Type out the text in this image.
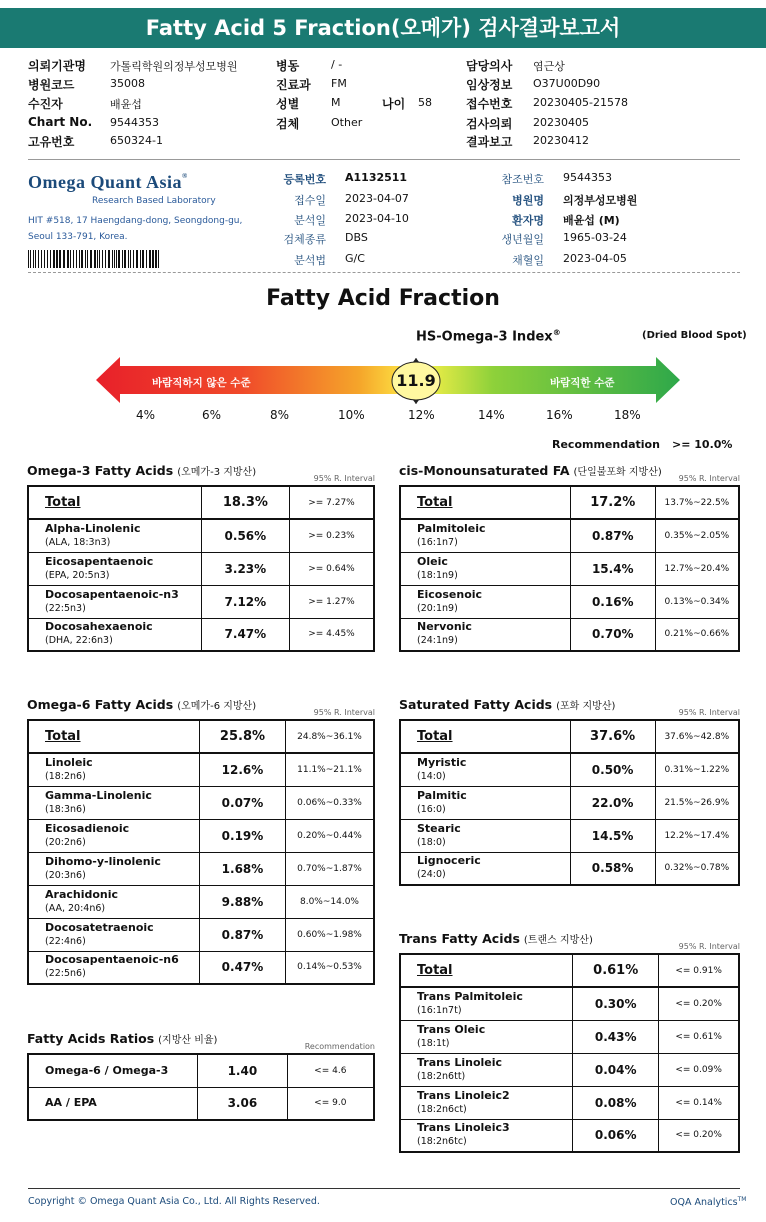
Fatty Acid 5 Fraction(오메가) 검사결과보고서
의뢰기관명 가톨릭학원의정부성모병원
병원코드	35008
수진자	배윤섭
Chart No. 9544353
고유번호	650324-1
병동	/ -
진료과 FM
성별	M
검체	Other
담당의사 염근상
임상정보 O37U00D90
접수번호 20230405-21578
검사의뢰 20230405
결과보고 20230412
나이 58
Omega Quant Asia®
Research Based Laboratory
HIT #518, 17 Haengdang-dong, Seongdong-gu,
Seoul 133-791, Korea.
등록번호 A1132511
접수일 2023-04-07
분석일 2023-04-10
검체종류 DBS
분석법 G/C
참조번호 9544353
병원명 의정부성모병원
환자명 배윤섭 (M)
생년월일 1965-03-24
채혈일 2023-04-05
Fatty Acid Fraction
HS-Omega-3 Index®	(Dried Blood Spot)
바람직하지 않은 수준	바람직한 수준
11.9
4%	6%	8%	10%	12%	14%	16%	18%
Recommendation >= 10.0%
Omega-3 Fatty Acids (오메가-3 지방산)
95% R. Interval
Total	18.3%	>= 7.27%

Alpha-Linolenic
(ALA, 18:3n3)	0.56%	>= 0.23%

Eicosapentaenoic
(EPA, 20:5n3)	3.23%	>= 0.64%

Docosapentaenoic-n3
(22:5n3)	7.12%	>= 1.27%

Docosahexaenoic
(DHA, 22:6n3)	7.47%	>= 4.45%
cis-Monounsaturated FA (단일불포화 지방산)
95% R. Interval
Total	17.2%	13.7%~22.5%

Palmitoleic
(16:1n7)	0.87%	0.35%~2.05%

Oleic
(18:1n9)	15.4%	12.7%~20.4%

Eicosenoic
(20:1n9)	0.16%	0.13%~0.34%

Nervonic
(24:1n9)	0.70%	0.21%~0.66%
Omega-6 Fatty Acids (오메가-6 지방산)
95% R. Interval
Total	25.8%	24.8%~36.1%

Linoleic
(18:2n6)	12.6%	11.1%~21.1%

Gamma-Linolenic
(18:3n6)	0.07%	0.06%~0.33%

Eicosadienoic
(20:2n6)	0.19%	0.20%~0.44%

Dihomo-y-linolenic
(20:3n6)	1.68%	0.70%~1.87%

Arachidonic
(AA, 20:4n6)	9.88%	8.0%~14.0%

Docosatetraenoic
(22:4n6)	0.87%	0.60%~1.98%

Docosapentaenoic-n6
(22:5n6)	0.47%	0.14%~0.53%
Saturated Fatty Acids (포화 지방산)
95% R. Interval
Total	37.6%	37.6%~42.8%

Myristic
(14:0)	0.50%	0.31%~1.22%

Palmitic
(16:0)	22.0%	21.5%~26.9%

Stearic
(18:0)	14.5%	12.2%~17.4%

Lignoceric
(24:0)	0.58%	0.32%~0.78%
Trans Fatty Acids (트랜스 지방산)
95% R. Interval
Total	0.61%	<= 0.91%

Trans Palmitoleic
(16:1n7t)	0.30%	<= 0.20%

Trans Oleic
(18:1t)	0.43%	<= 0.61%

Trans Linoleic
(18:2n6tt)	0.04%	<= 0.09%

Trans Linoleic2
(18:2n6ct)	0.08%	<= 0.14%

Trans Linoleic3
(18:2n6tc)	0.06%	<= 0.20%
Fatty Acids Ratios (지방산 비율)
Recommendation
Omega-6 / Omega-3	1.40	<= 4.6

AA / EPA	3.06	<= 9.0
Copyright © Omega Quant Asia Co., Ltd. All Rights Reserved.	OQA Analytics™
